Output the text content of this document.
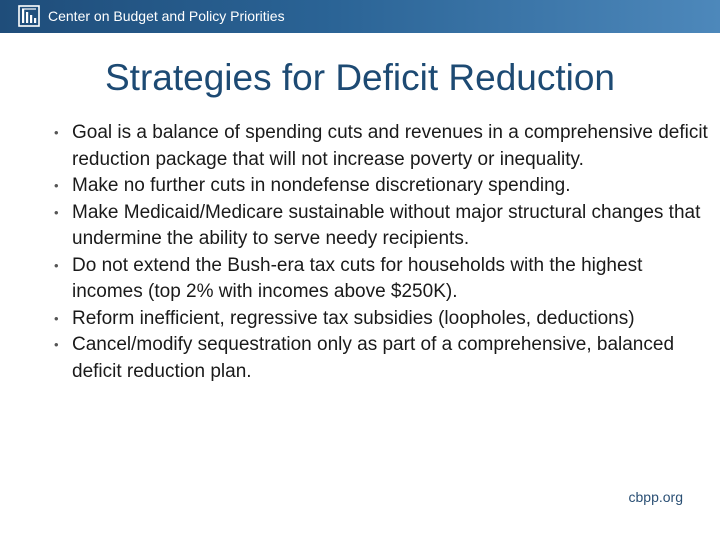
Center on Budget and Policy Priorities
Strategies for Deficit Reduction
• Goal is a balance of spending cuts and revenues in a comprehensive deficit reduction package that will not increase poverty or inequality.
• Make no further cuts in nondefense discretionary spending.
• Make Medicaid/Medicare sustainable without major structural changes that undermine the ability to serve needy recipients.
• Do not extend the Bush-era tax cuts for households with the highest incomes (top 2% with incomes above $250K).
• Reform inefficient, regressive tax subsidies (loopholes, deductions)
• Cancel/modify sequestration only as part of a comprehensive, balanced deficit reduction plan.
cbpp.org
